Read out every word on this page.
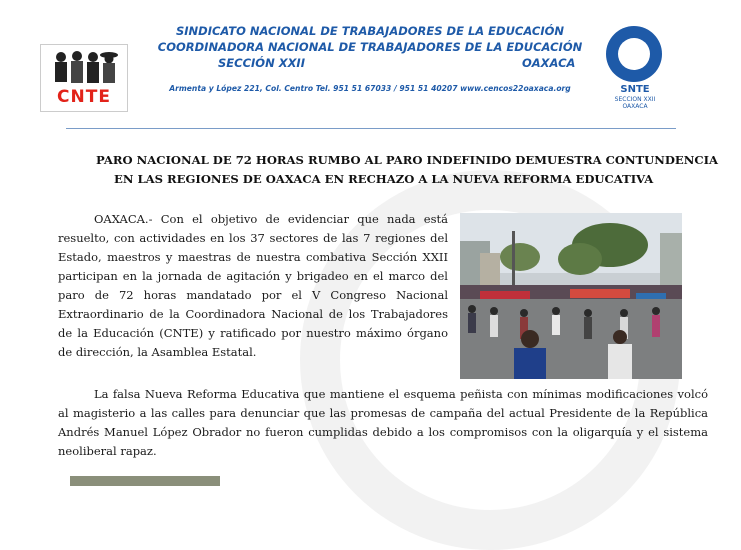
CNTE	SNTE
SECCION XXII OAXACA
SINDICATO NACIONAL DE TRABAJADORES DE LA EDUCACIÓN
COORDINADORA NACIONAL DE TRABAJADORES DE LA EDUCACIÓN
SECCIÓN XXII	OAXACA
Armenta y López 221, Col. Centro Tel. 951 51 67033 / 951 51 40207 www.cencos22oaxaca.org
PARO NACIONAL DE 72 HORAS RUMBO AL PARO INDEFINIDO DEMUESTRA CONTUNDENCIA
EN LAS REGIONES DE OAXACA EN RECHAZO A LA NUEVA REFORMA EDUCATIVA
OAXACA.- Con el objetivo de evidenciar que nada está resuelto, con actividades en los 37 sectores de las 7 regiones del Estado, maestros y maestras de nuestra combativa Sección XXII participan en la jornada de agitación y brigadeo en el marco del paro de 72 horas mandatado por el V Congreso Nacional Extraordinario de la Coordinadora Nacional de los Trabajadores de la Educación (CNTE) y ratificado por nuestro máximo órgano de dirección, la Asamblea Estatal.
La falsa Nueva Reforma Educativa que mantiene el esquema peñista con mínimas modificaciones volcó al magisterio a las calles para denunciar que las promesas de campaña del actual Presidente de la República Andrés Manuel López Obrador no fueron cumplidas debido a los compromisos con la oligarquía y el sistema neoliberal rapaz.
